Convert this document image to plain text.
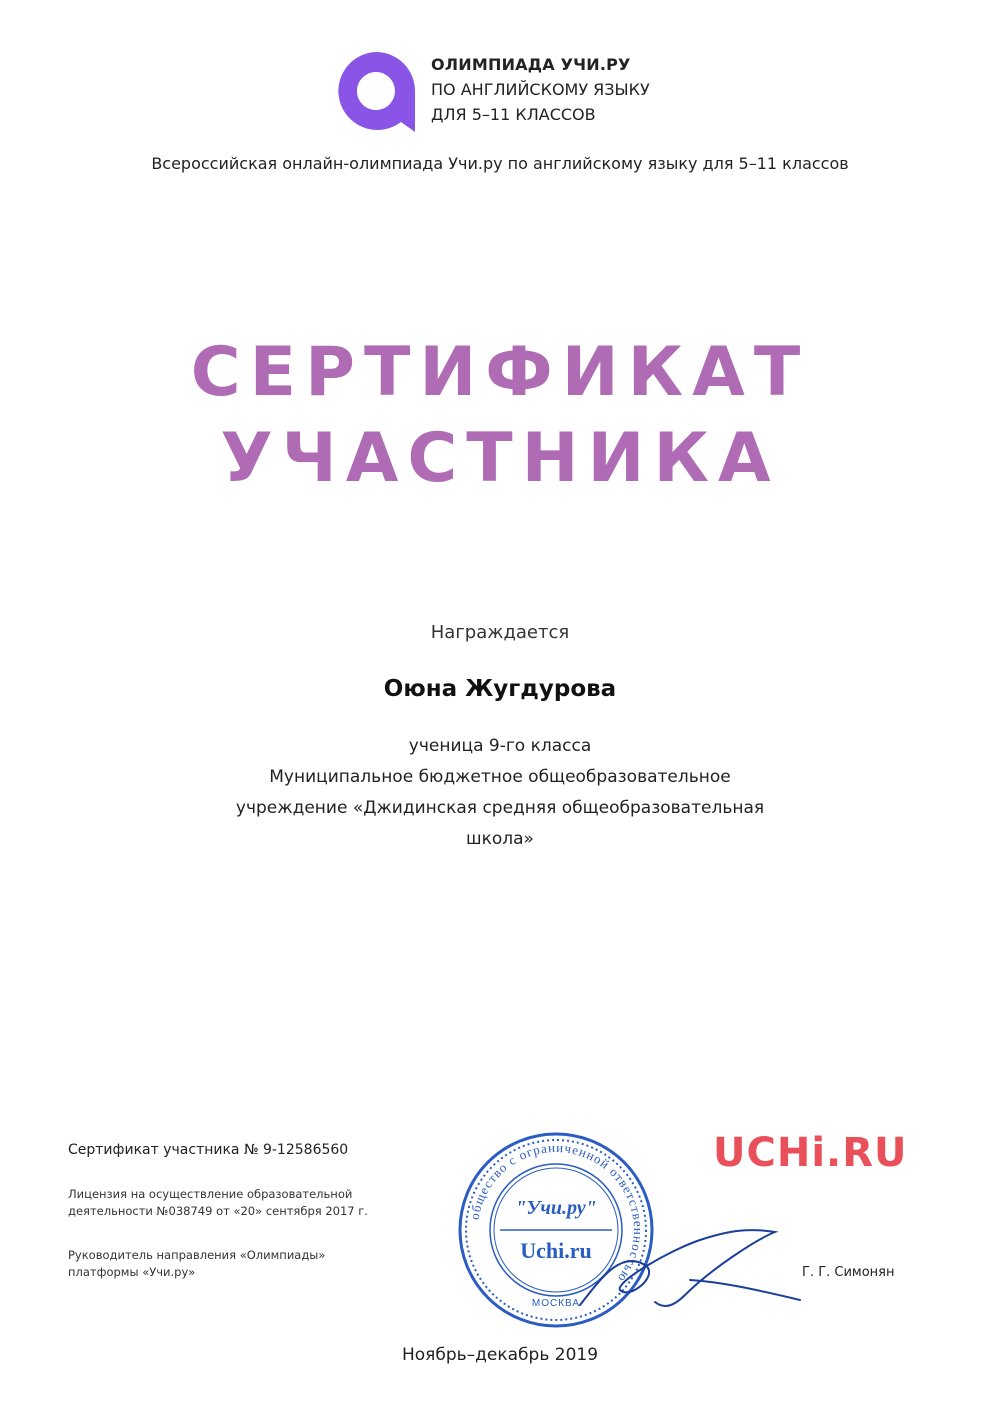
ОЛИМПИАДА УЧИ.РУ
ПО АНГЛИЙСКОМУ ЯЗЫКУ
ДЛЯ 5–11 КЛАССОВ
Всероссийская онлайн-олимпиада Учи.ру по английскому языку для 5–11 классов
СЕРТИФИКАТ
УЧАСТНИКА
Награждается
Оюна Жугдурова
ученица 9-го класса
Муниципальное бюджетное общеобразовательное
учреждение «Джидинская средняя общеобразовательная
школа»
Сертификат участника № 9-12586560
Лицензия на осуществление образовательной
деятельности №038749 от «20» сентября 2017 г.
Руководитель направления «Олимпиады»
платформы «Учи.ру»
UCHi.RU
общество с ограниченной ответственностью
"Учи.ру"
Uchi.ru
МОСКВА
Г. Г. Симонян
Ноябрь–декабрь 2019
